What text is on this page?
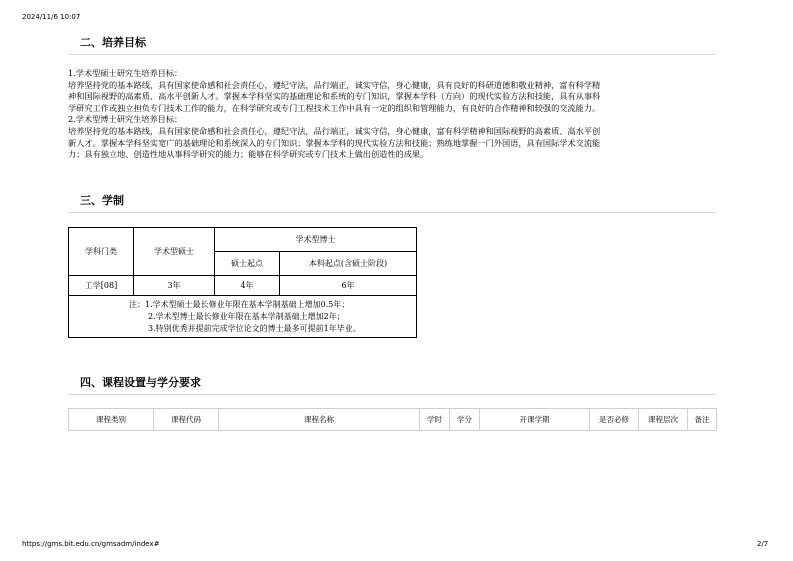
2024/11/6 10:07
二、培养目标
1.学术型硕士研究生培养目标：
培养坚持党的基本路线，具有国家使命感和社会责任心，遵纪守法，品行端正，诚实守信，身心健康，具有良好的科研道德和敬业精神，富有科学精
神和国际视野的高素质、高水平创新人才。掌握本学科坚实的基础理论和系统的专门知识，掌握本学科（方向）的现代实验方法和技能，具有从事科
学研究工作或独立担负专门技术工作的能力，在科学研究或专门工程技术工作中具有一定的组织和管理能力，有良好的合作精神和较强的交流能力。
2.学术型博士研究生培养目标：
培养坚持党的基本路线，具有国家使命感和社会责任心，遵纪守法，品行端正，诚实守信，身心健康，富有科学精神和国际视野的高素质、高水平创
新人才。掌握本学科坚实宽广的基础理论和系统深入的专门知识；掌握本学科的现代实验方法和技能；熟练地掌握一门外国语，具有国际学术交流能
力；具有独立地、创造性地从事科学研究的能力；能够在科学研究或专门技术上做出创造性的成果。
三、学制
学科门类	学术型硕士	学术型博士	
		硕士起点	本科起点(含硕士阶段)
工学[08]	3年	4年	6年

注：1.学术型硕士最长修业年限在基本学制基础上增加0.5年；
2.学术型博士最长修业年限在基本学制基础上增加2年；
3.特别优秀并提前完成学位论文的博士最多可提前1年毕业。			
四、课程设置与学分要求
课程类别	课程代码	课程名称	学时	学分	开课学期	是否必修	课程层次	备注
https://gms.bit.edu.cn/gmsadm/index#	2/7
